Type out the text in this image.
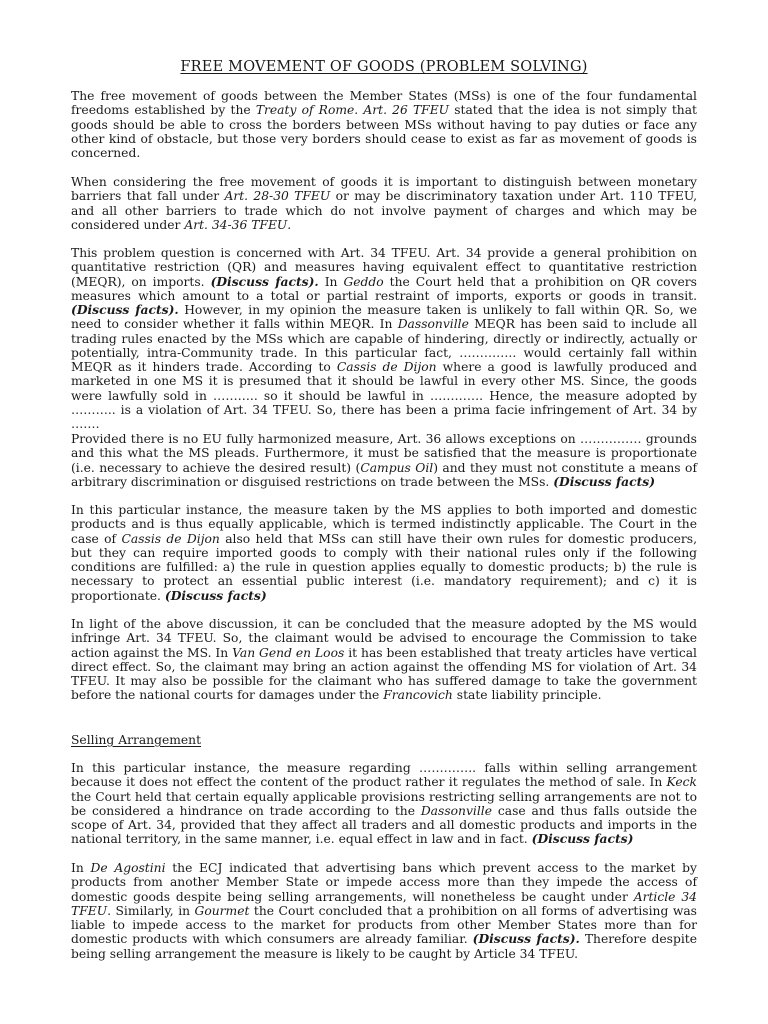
FREE MOVEMENT OF GOODS (PROBLEM SOLVING)

The free movement of goods between the Member States (MSs) is one of the four fundamental freedoms established by the Treaty of Rome. Art. 26 TFEU stated that the idea is not simply that goods should be able to cross the borders between MSs without having to pay duties or face any other kind of obstacle, but those very borders should cease to exist as far as movement of goods is concerned.

When considering the free movement of goods it is important to distinguish between monetary barriers that fall under Art. 28-30 TFEU or may be discriminatory taxation under Art. 110 TFEU, and all other barriers to trade which do not involve payment of charges and which may be considered under Art. 34-36 TFEU.

This problem question is concerned with Art. 34 TFEU. Art. 34 provide a general prohibition on quantitative restriction (QR) and measures having equivalent effect to quantitative restriction (MEQR), on imports. (Discuss facts). In Geddo the Court held that a prohibition on QR covers measures which amount to a total or partial restraint of imports, exports or goods in transit. (Discuss facts). However, in my opinion the measure taken is unlikely to fall within QR. So, we need to consider whether it falls within MEQR. In Dassonville MEQR has been said to include all trading rules enacted by the MSs which are capable of hindering, directly or indirectly, actually or potentially, intra-Community trade. In this particular fact, ………….. would certainly fall within MEQR as it hinders trade. According to Cassis de Dijon where a good is lawfully produced and marketed in one MS it is presumed that it should be lawful in every other MS. Since, the goods were lawfully sold in ……….. so it should be lawful in …………. Hence, the measure adopted by ……….. is a violation of Art. 34 TFEU. So, there has been a prima facie infringement of Art. 34 by …….

Provided there is no EU fully harmonized measure, Art. 36 allows exceptions on …………… grounds and this what the MS pleads. Furthermore, it must be satisfied that the measure is proportionate (i.e. necessary to achieve the desired result) (Campus Oil) and they must not constitute a means of arbitrary discrimination or disguised restrictions on trade between the MSs. (Discuss facts)

In this particular instance, the measure taken by the MS applies to both imported and domestic products and is thus equally applicable, which is termed indistinctly applicable. The Court in the case of Cassis de Dijon also held that MSs can still have their own rules for domestic producers, but they can require imported goods to comply with their national rules only if the following conditions are fulfilled: a) the rule in question applies equally to domestic products; b) the rule is necessary to protect an essential public interest (i.e. mandatory requirement); and c) it is proportionate. (Discuss facts)

In light of the above discussion, it can be concluded that the measure adopted by the MS would infringe Art. 34 TFEU. So, the claimant would be advised to encourage the Commission to take action against the MS. In Van Gend en Loos it has been established that treaty articles have vertical direct effect. So, the claimant may bring an action against the offending MS for violation of Art. 34 TFEU. It may also be possible for the claimant who has suffered damage to take the government before the national courts for damages under the Francovich state liability principle.

Selling Arrangement

In this particular instance, the measure regarding ………….. falls within selling arrangement because it does not effect the content of the product rather it regulates the method of sale. In Keck the Court held that certain equally applicable provisions restricting selling arrangements are not to be considered a hindrance on trade according to the Dassonville case and thus falls outside the scope of Art. 34, provided that they affect all traders and all domestic products and imports in the national territory, in the same manner, i.e. equal effect in law and in fact. (Discuss facts)

In De Agostini the ECJ indicated that advertising bans which prevent access to the market by products from another Member State or impede access more than they impede the access of domestic goods despite being selling arrangements, will nonetheless be caught under Article 34 TFEU. Similarly, in Gourmet the Court concluded that a prohibition on all forms of advertising was liable to impede access to the market for products from other Member States more than for domestic products with which consumers are already familiar. (Discuss facts). Therefore despite being selling arrangement the measure is likely to be caught by Article 34 TFEU.
